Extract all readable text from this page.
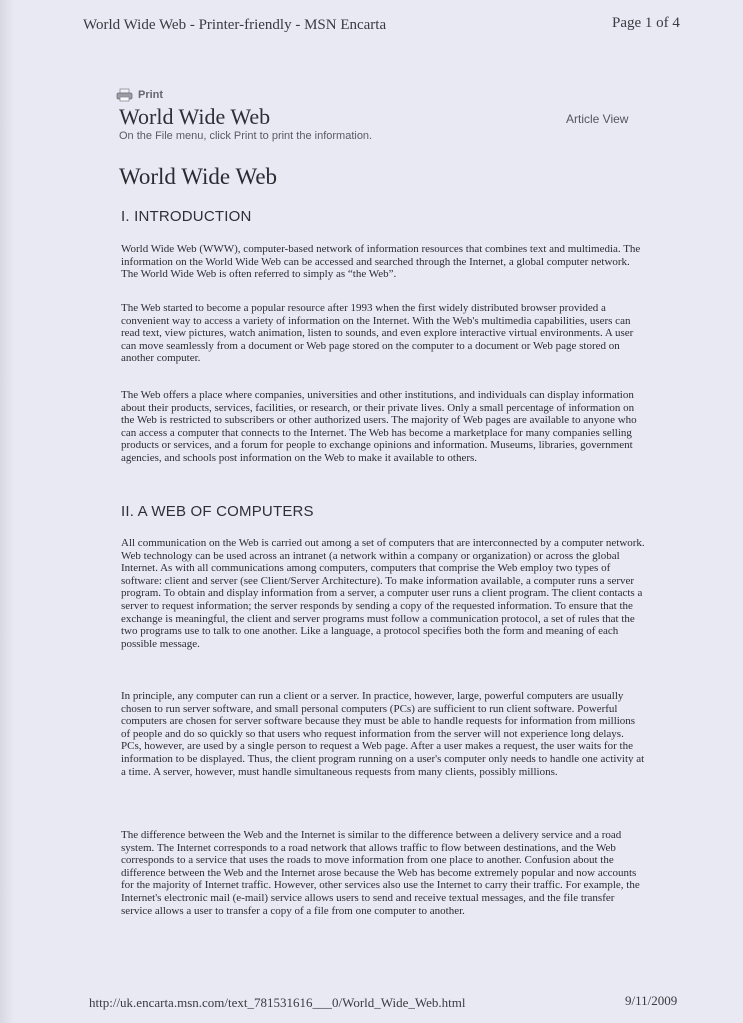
World Wide Web - Printer-friendly - MSN Encarta	Page 1 of 4
Print
World Wide Web	Article View
On the File menu, click Print to print the information.
World Wide Web
I. INTRODUCTION

World Wide Web (WWW), computer-based network of information resources that combines text and multimedia. The information on the World Wide Web can be accessed and searched through the Internet, a global computer network. The World Wide Web is often referred to simply as “the Web”.

The Web started to become a popular resource after 1993 when the first widely distributed browser provided a convenient way to access a variety of information on the Internet. With the Web's multimedia capabilities, users can read text, view pictures, watch animation, listen to sounds, and even explore interactive virtual environments. A user can move seamlessly from a document or Web page stored on the computer to a document or Web page stored on another computer.

The Web offers a place where companies, universities and other institutions, and individuals can display information about their products, services, facilities, or research, or their private lives. Only a small percentage of information on the Web is restricted to subscribers or other authorized users. The majority of Web pages are available to anyone who can access a computer that connects to the Internet. The Web has become a marketplace for many companies selling products or services, and a forum for people to exchange opinions and information. Museums, libraries, government agencies, and schools post information on the Web to make it available to others.

II. A WEB OF COMPUTERS

All communication on the Web is carried out among a set of computers that are interconnected by a computer network. Web technology can be used across an intranet (a network within a company or organization) or across the global Internet. As with all communications among computers, computers that comprise the Web employ two types of software: client and server (see Client/Server Architecture). To make information available, a computer runs a server program. To obtain and display information from a server, a computer user runs a client program. The client contacts a server to request information; the server responds by sending a copy of the requested information. To ensure that the exchange is meaningful, the client and server programs must follow a communication protocol, a set of rules that the two programs use to talk to one another. Like a language, a protocol specifies both the form and meaning of each possible message.

In principle, any computer can run a client or a server. In practice, however, large, powerful computers are usually chosen to run server software, and small personal computers (PCs) are sufficient to run client software. Powerful computers are chosen for server software because they must be able to handle requests for information from millions of people and do so quickly so that users who request information from the server will not experience long delays. PCs, however, are used by a single person to request a Web page. After a user makes a request, the user waits for the information to be displayed. Thus, the client program running on a user's computer only needs to handle one activity at a time. A server, however, must handle simultaneous requests from many clients, possibly millions.

The difference between the Web and the Internet is similar to the difference between a delivery service and a road system. The Internet corresponds to a road network that allows traffic to flow between destinations, and the Web corresponds to a service that uses the roads to move information from one place to another. Confusion about the difference between the Web and the Internet arose because the Web has become extremely popular and now accounts for the majority of Internet traffic. However, other services also use the Internet to carry their traffic. For example, the Internet's electronic mail (e-mail) service allows users to send and receive textual messages, and the file transfer service allows a user to transfer a copy of a file from one computer to another.

http://uk.encarta.msn.com/text_781531616___0/World_Wide_Web.html	9/11/2009
